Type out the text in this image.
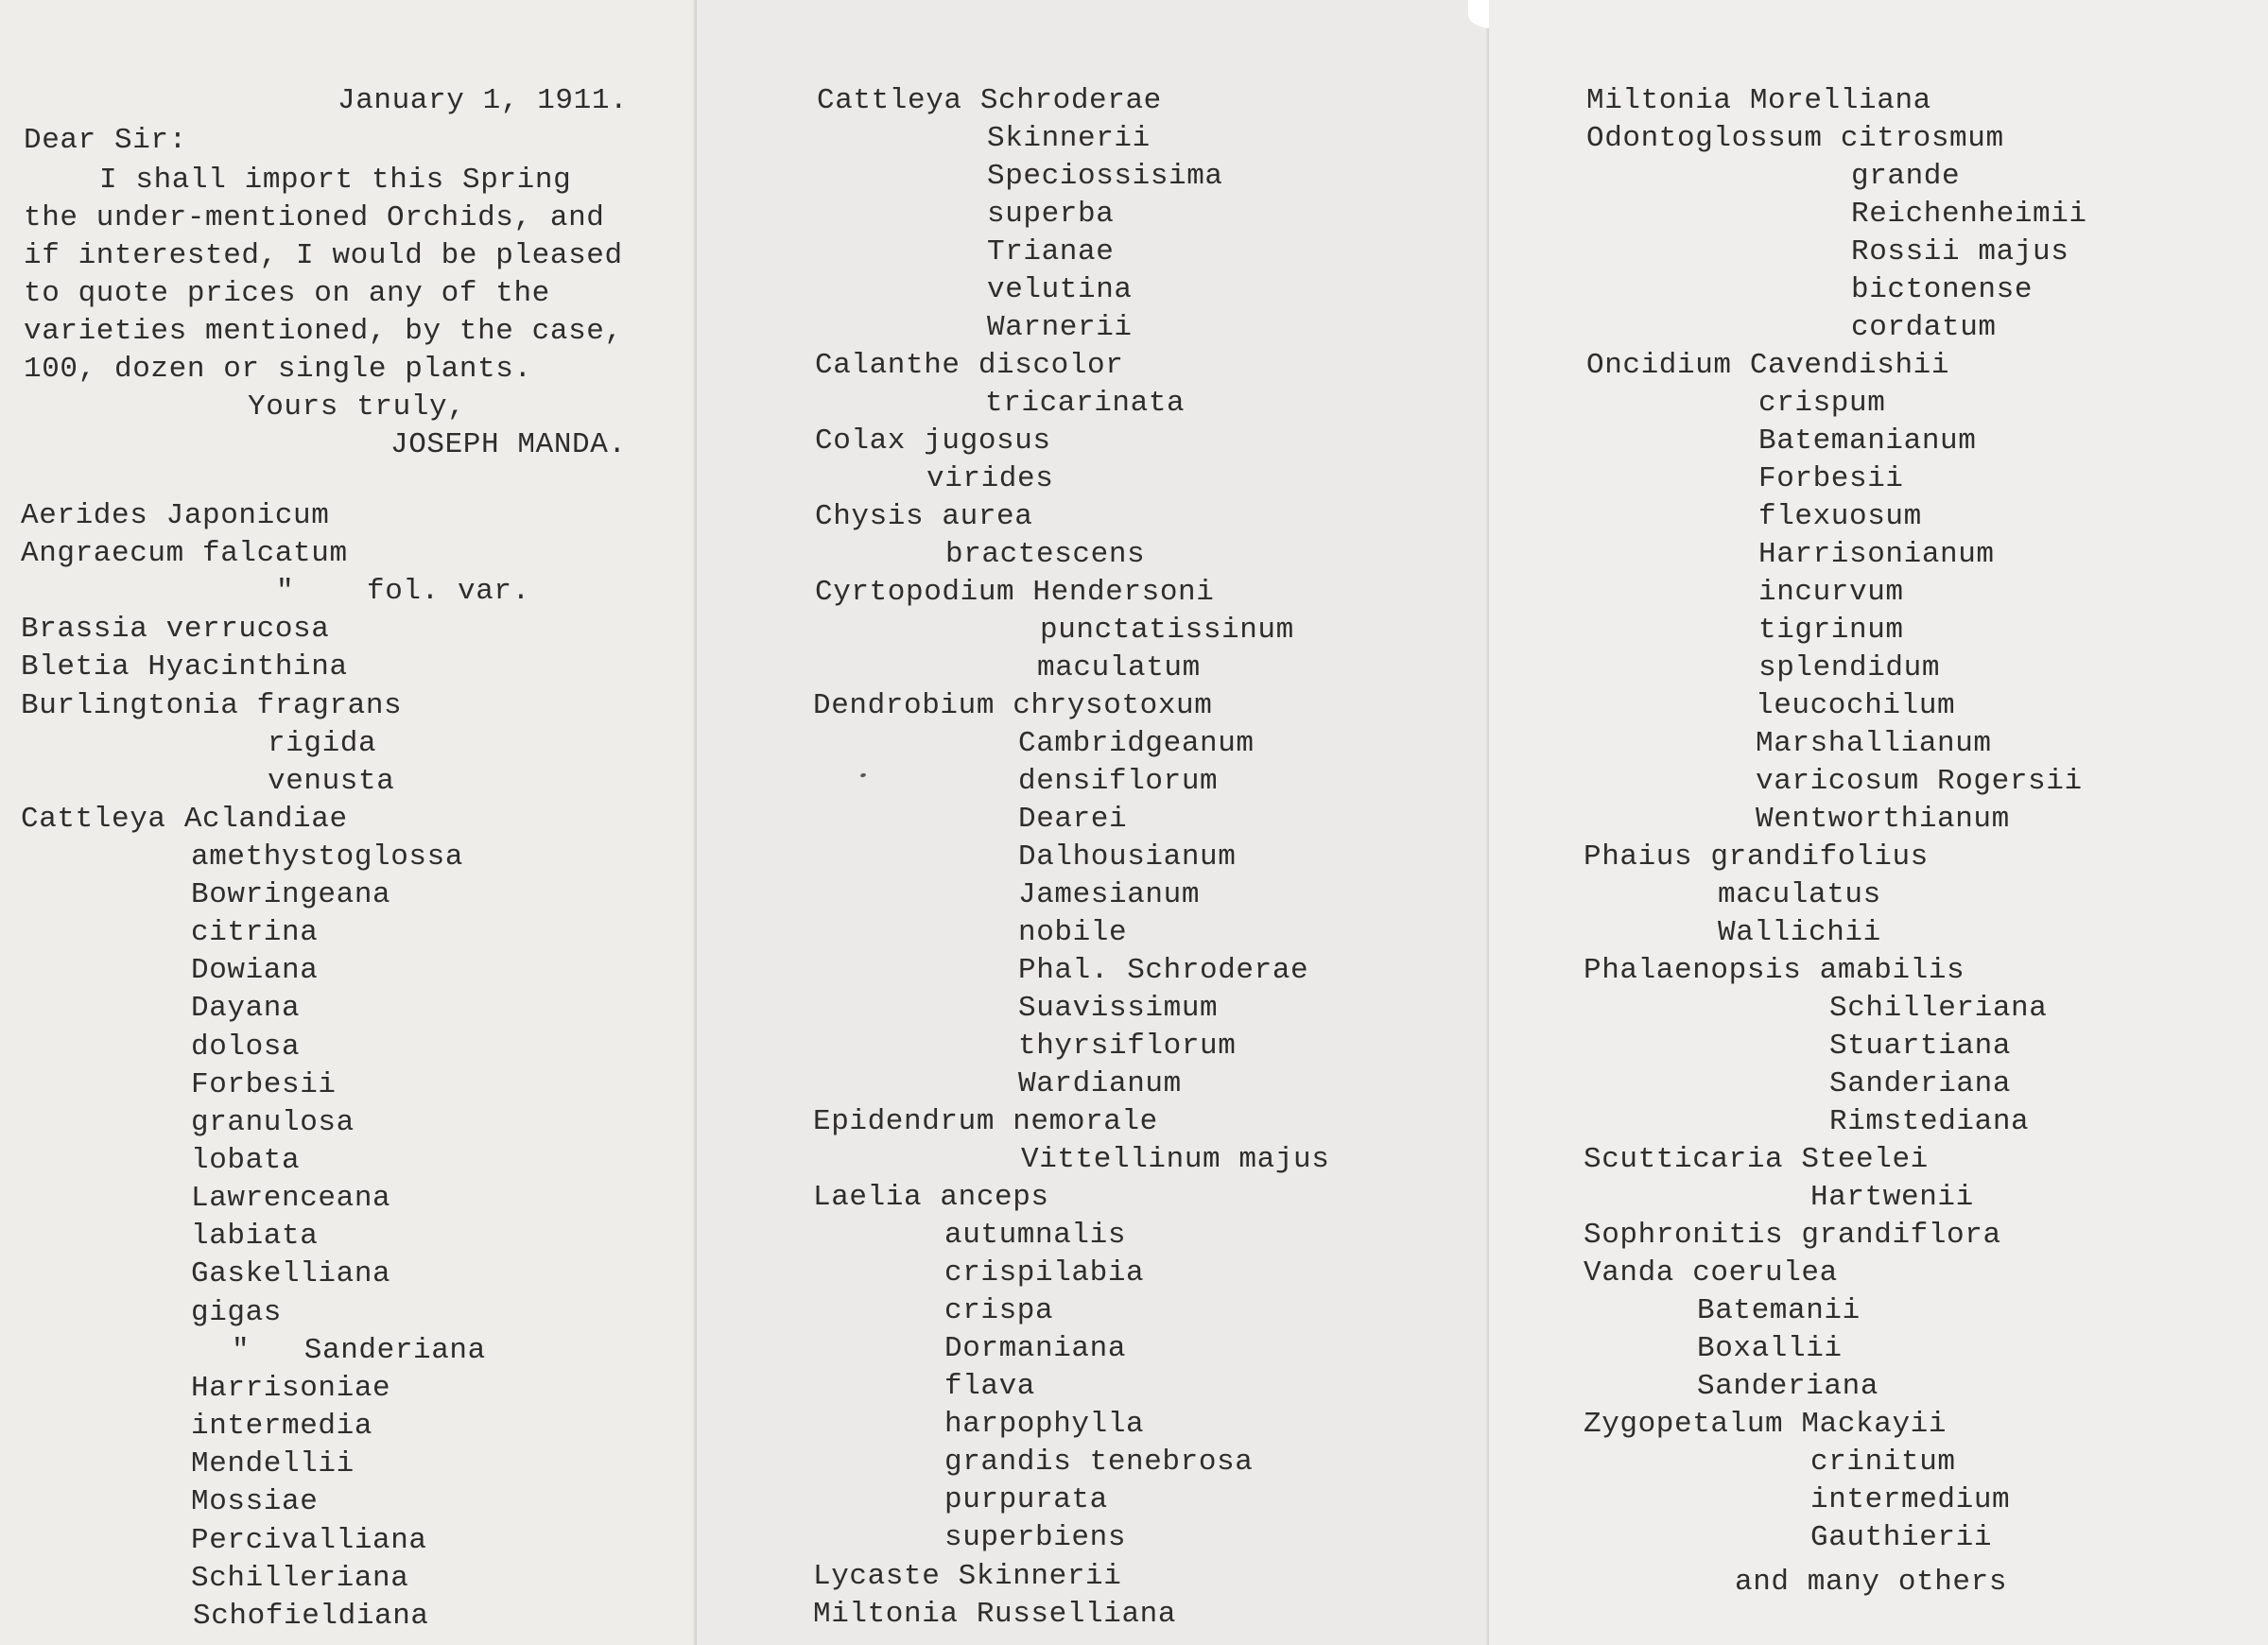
January 1, 1911.
Dear Sir:
I shall import this Spring
the under-mentioned Orchids, and
if interested, I would be pleased
to quote prices on any of the
varieties mentioned, by the case,
100, dozen or single plants.
Yours truly,
JOSEPH MANDA.
Aerides Japonicum
Angraecum falcatum
"    fol. var.
Brassia verrucosa
Bletia Hyacinthina
Burlingtonia fragrans
rigida
venusta
Cattleya Aclandiae
amethystoglossa
Bowringeana
citrina
Dowiana
Dayana
dolosa
Forbesii
granulosa
lobata
Lawrenceana
labiata
Gaskelliana
gigas
"   Sanderiana
Harrisoniae
intermedia
Mendellii
Mossiae
Percivalliana
Schilleriana
Schofieldiana
Cattleya Schroderae
Skinnerii
Speciossisima
superba
Trianae
velutina
Warnerii
Calanthe discolor
tricarinata
Colax jugosus
virides
Chysis aurea
bractescens
Cyrtopodium Hendersoni
punctatissinum
maculatum
Dendrobium chrysotoxum
Cambridgeanum
densiflorum
Dearei
Dalhousianum
Jamesianum
nobile
Phal. Schroderae
Suavissimum
thyrsiflorum
Wardianum
Epidendrum nemorale
Vittellinum majus
Laelia anceps
autumnalis
crispilabia
crispa
Dormaniana
flava
harpophylla
grandis tenebrosa
purpurata
superbiens
Lycaste Skinnerii
Miltonia Russelliana
Miltonia Morelliana
Odontoglossum citrosmum
grande
Reichenheimii
Rossii majus
bictonense
cordatum
Oncidium Cavendishii
crispum
Batemanianum
Forbesii
flexuosum
Harrisonianum
incurvum
tigrinum
splendidum
leucochilum
Marshallianum
varicosum Rogersii
Wentworthianum
Phaius grandifolius
maculatus
Wallichii
Phalaenopsis amabilis
Schilleriana
Stuartiana
Sanderiana
Rimstediana
Scutticaria Steelei
Hartwenii
Sophronitis grandiflora
Vanda coerulea
Batemanii
Boxallii
Sanderiana
Zygopetalum Mackayii
crinitum
intermedium
Gauthierii
and many others
